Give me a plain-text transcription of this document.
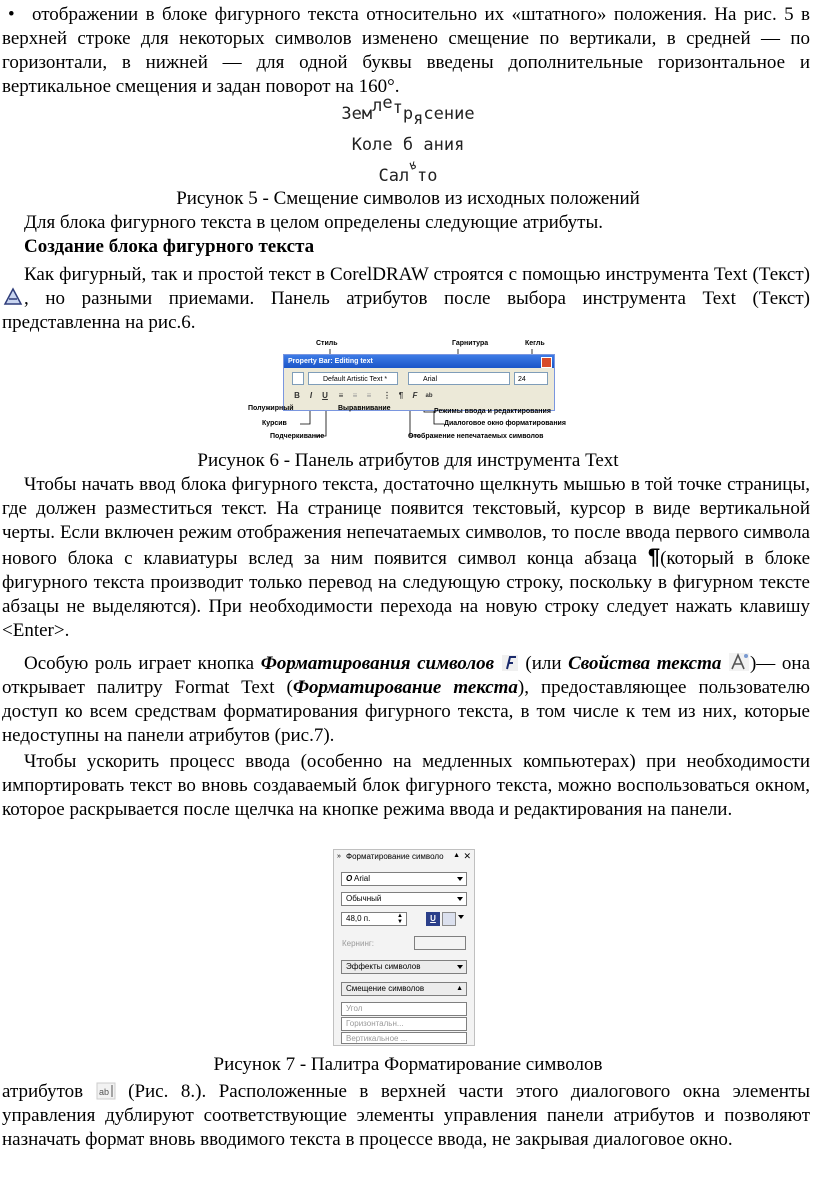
• отображении в блоке фигурного текста относительно их «штатного» положения. На рис. 5 в верхней строке для некоторых символов изменено смещение по вертикали, в средней — по горизонтали, в нижней — для одной буквы введены дополнительные горизонтальное и вертикальное смещения и задан поворот на 160°.

Землетрясение
Коле б ания
Салято
Рисунок 5 - Смещение символов из исходных положений

Для блока фигурного текста в целом определены следующие атрибуты.

Создание блока фигурного текста

Как фигурный, так и простой текст в CorelDRAW строятся с помощью инструмента Text (Текст) , но разными приемами. Панель атрибутов после выбора инструмента Text (Текст) представленна на рис.6.

Стиль	Гарнитура	Кегль
Property Bar: Editing text
Default Artistic Text *	Arial	24
B	I	U	≡	≡	≡	⋮ ¶	F	ab
Полужирный
Курсив
Подчеркивание
Выравнивание	Режимы ввода и редактирования
Диалоговое окно форматирования
Отображение непечатаемых символов
Рисунок 6 - Панель атрибутов для инструмента Text

Чтобы начать ввод блока фигурного текста, достаточно щелкнуть мышью в той точке страницы, где должен разместиться текст. На странице появится текстовый, курсор в виде вертикальной черты. Если включен режим отображения непечатаемых символов, то после ввода первого символа нового блока с клавиатуры вслед за ним появится символ конца абзаца ¶(который в блоке фигурного текста производит только перевод на следующую строку, поскольку в фигурном тексте абзацы не выделяются). При необходимости перехода на новую строку следует нажать клавишу <Enter>.

Особую роль играет кнопка Форматирования символов  (или Свойства текста )— она открывает палитру Format Text (Форматирование текста), предоставляющее пользователю доступ ко всем средствам форматирования фигурного текста, в том числе к тем из них, которые недоступны на панели атрибутов (рис.7).

Чтобы ускорить процесс ввода (особенно на медленных компьютерах) при необходимости импортировать текст во вновь создаваемый блок фигурного текста, можно воспользоваться окном, которое раскрывается после щелчка на кнопке режима ввода и редактирования на панели.

» Форматирование символо ▲ ✕
O Arial
Обычный
48,0 п.	▲
▼	U
Кернинг:
Эффекты символов
Смещение символов	▲
Угол
Горизонтальн...
Вертикальное ...
Рисунок 7 - Палитра Форматирование символов

атрибутов ab (Рис. 8.). Расположенные в верхней части этого диалогового окна элементы управления дублируют соответствующие элементы управления панели атрибутов и позволяют назначать формат вновь вводимого текста в процессе ввода, не закрывая диалоговое окно.
